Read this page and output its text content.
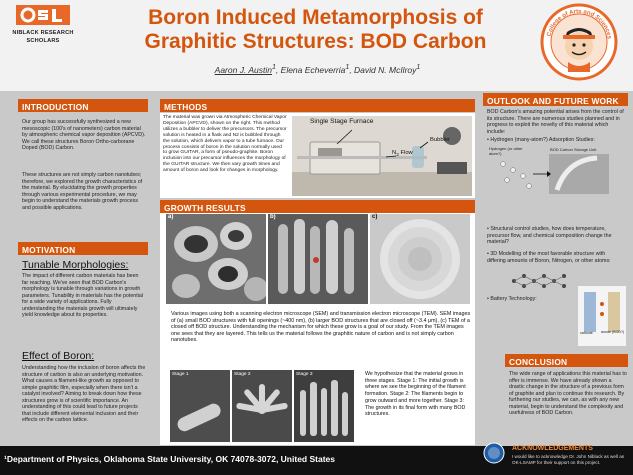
NIBLACK RESEARCH
SCHOLARS
Boron Induced Metamorphosis of
Graphitic Structures: BOD Carbon
Aaron J. Austin$^1$, Elena Echeverria$^1$, David N. McIlroy$^1$
College of Arts and Sciences
INTRODUCTION
Our group has successfully synthesized a new mesoscopic (100's of nanometers) carbon material by atmospheric chemical vapor deposition (APCVD). We call these structures Boron Ortho-carborane Doped (BOD) Carbon.
These structures are not simply carbon nanotubes; therefore, we explored the growth characteristics of the material. By elucidating the growth properties through various experimental procedure, we may begin to understand the materials growth process and possible applications.
MOTIVATION
Tunable Morphologies:
The impact of different carbon materials has been far reaching. We've seen that BOD Carbon's morphology is tunable through variations in growth parameters. Tunability in materials has the potential for a wide variety of applications. Fully understanding the materials growth will ultimately yield knowledge about its properties.
Effect of Boron:
Understanding how the inclusion of boron affects the structure of carbon is also an underlying motivation. What causes a filament-like growth as opposed to simple graphitic film, especially when there isn't a catalyst involved? Aiming to break down how these structures grow is of scientific importance. An understanding of this could lead to future projects that include different elemental inclusion and their effects on the carbon lattice.
METHODS
The material was grown via Atmospheric Chemical Vapor Deposition (APCVD), shown on the right. This method utilizes a bubbler to deliver the precursors. The precursor solution is heated in a flask and N2 is bubbled through the solution, which delivers vapor to a tube furnace. Our process consists of boron in the solution normally used to grow GUITAR, a form of pseudo-graphite. Boron inclusion into our precursor influences the morphology of the GUITAR structure. We then vary growth times and amount of boron and look for changes in morphology.
Single Stage Furnace
$N_2$ Flow
Bubbler
GROWTH RESULTS
a)	b)	c)
Various images using both a scanning electron microscope (SEM) and transmission electron microscope (TEM). SEM images of (a) small BOD structures with full openings (~400 nm), (b) larger BOD structures that are closed off (~3.4 μm), (c) TEM of a closed off BOD structure. Understanding the mechanism for which these grow is a goal of our study. From the TEM images one sees that they are layered. This tells us the material follows the graphitic nature of carbon and is not simply carbon nanotubes.
Stage 1	Stage 2	Stage 3	We hypothesize that the material grows in three stages. Stage 1: The initial growth is where we see the beginning of the filament formation. Stage 2: The filaments begin to grow outward and more together. Stage 3: The growth in its final form with many BOD structures.
OUTLOOK AND FUTURE WORK
BOD Carbon's amazing potential arises from the control of its structure. There are numerous studies planned and in progress to exploit the novelty of this material which include:
• Hydrogen (many-atom?) Adsorption Studies:
Hydrogen (or other atom?)
BOD Carbon Storage Unit
• Structural control studies, how does temperature, precursor flow, and chemical composition change the material?
• 3D Modelling of the most favorable structure with differing amounts of Boron, Nitrogen, or other atoms:
• Battery Technology:
cathode	anode (BOD?)
CONCLUSION
The wide range of applications this material has to offer is immense. We have already shown a drastic change in the structure of a previous form of graphite and plan to continue this research. By furthering our studies, we can, as with any new material, begin to understand the complexity and usefulness of BOD Carbon.
¹Department of Physics, Oklahoma State University, OK 74078-3072, United States
ACKNOWLEDGEMENTS
I would like to acknowledge Dr. John Niblack as well as OK-LSAMP for their support on this project.
